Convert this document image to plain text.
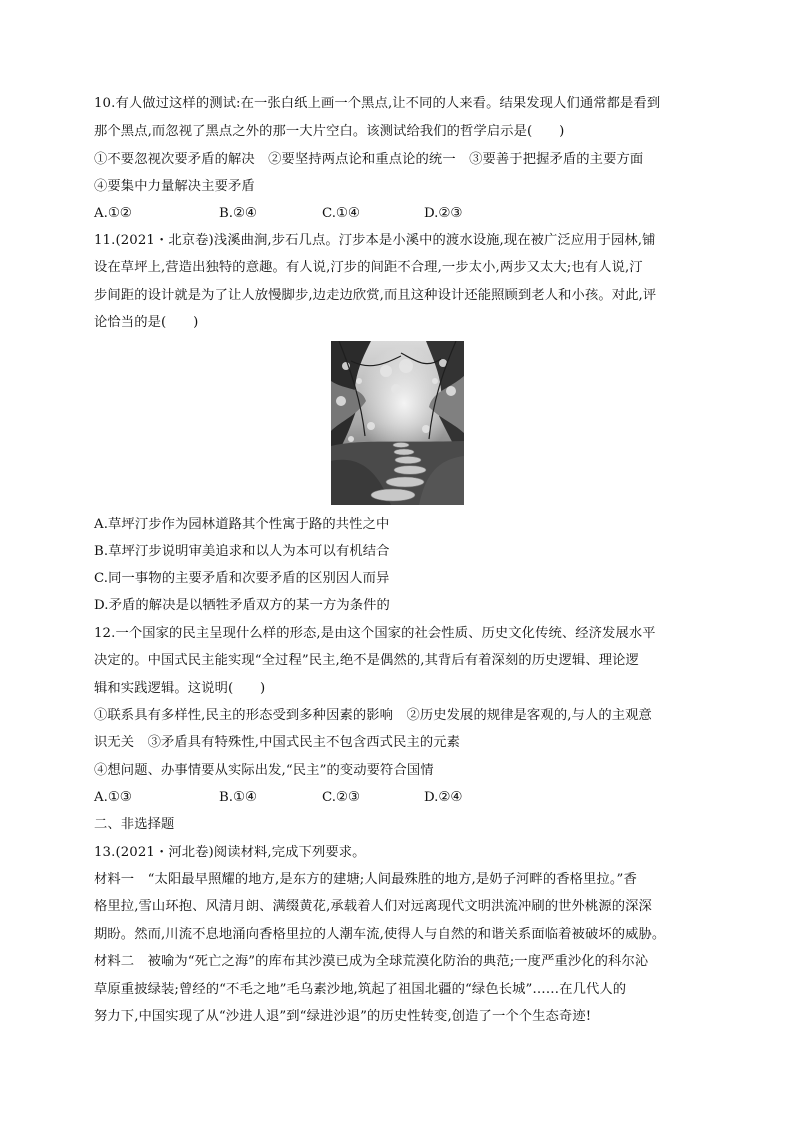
10.有人做过这样的测试:在一张白纸上画一个黑点,让不同的人来看。结果发现人们通常都是看到
那个黑点,而忽视了黑点之外的那一大片空白。该测试给我们的哲学启示是(　　)
①不要忽视次要矛盾的解决　②要坚持两点论和重点论的统一　③要善于把握矛盾的主要方面
④要集中力量解决主要矛盾
A.①②	B.②④	C.①④	D.②③
11.(2021・北京卷)浅溪曲涧,步石几点。汀步本是小溪中的渡水设施,现在被广泛应用于园林,铺
设在草坪上,营造出独特的意趣。有人说,汀步的间距不合理,一步太小,两步又太大;也有人说,汀
步间距的设计就是为了让人放慢脚步,边走边欣赏,而且这种设计还能照顾到老人和小孩。对此,评
论恰当的是(　　)
A.草坪汀步作为园林道路其个性寓于路的共性之中
B.草坪汀步说明审美追求和以人为本可以有机结合
C.同一事物的主要矛盾和次要矛盾的区别因人而异
D.矛盾的解决是以牺牲矛盾双方的某一方为条件的
12.一个国家的民主呈现什么样的形态,是由这个国家的社会性质、历史文化传统、经济发展水平
决定的。中国式民主能实现“全过程”民主,绝不是偶然的,其背后有着深刻的历史逻辑、理论逻
辑和实践逻辑。这说明(　　)
①联系具有多样性,民主的形态受到多种因素的影响　②历史发展的规律是客观的,与人的主观意
识无关　③矛盾具有特殊性,中国式民主不包含西式民主的元素
④想问题、办事情要从实际出发,“民主”的变动要符合国情
A.①③	B.①④	C.②③	D.②④
二、非选择题
13.(2021・河北卷)阅读材料,完成下列要求。
材料一　“太阳最早照耀的地方,是东方的建塘;人间最殊胜的地方,是奶子河畔的香格里拉。”香
格里拉,雪山环抱、风清月朗、满缀黄花,承载着人们对远离现代文明洪流冲刷的世外桃源的深深
期盼。然而,川流不息地涌向香格里拉的人潮车流,使得人与自然的和谐关系面临着被破坏的威胁。
材料二　被喻为“死亡之海”的库布其沙漠已成为全球荒漠化防治的典范;一度严重沙化的科尔沁
草原重披绿装;曾经的“不毛之地”毛乌素沙地,筑起了祖国北疆的“绿色长城”……在几代人的
努力下,中国实现了从“沙进人退”到“绿进沙退”的历史性转变,创造了一个个生态奇迹!
